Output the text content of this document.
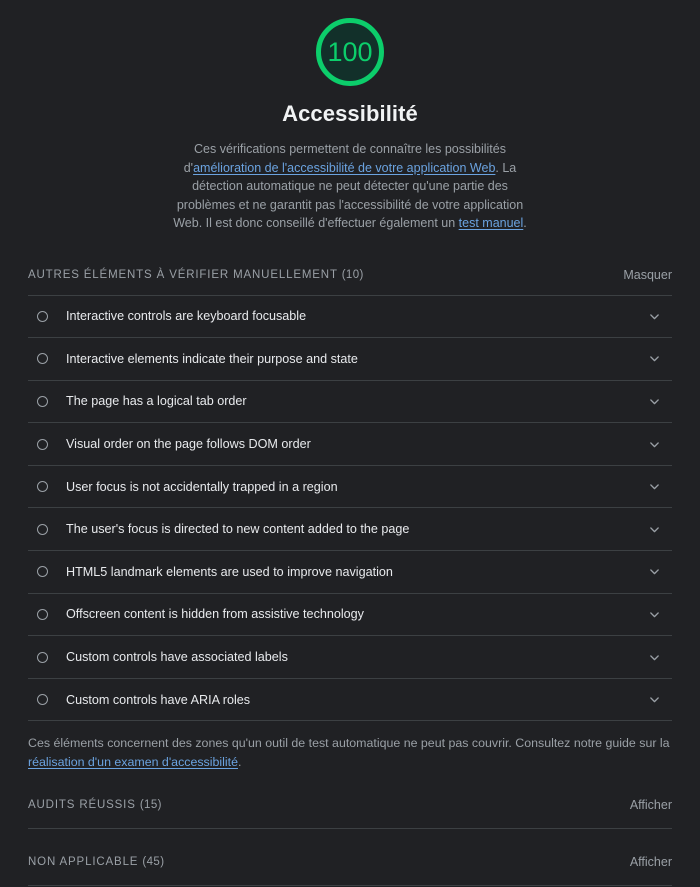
100
Accessibilité

Ces vérifications permettent de connaître les possibilités d'amélioration de l'accessibilité de votre application Web. La détection automatique ne peut détecter qu'une partie des problèmes et ne garantit pas l'accessibilité de votre application Web. Il est donc conseillé d'effectuer également un test manuel.

AUTRES ÉLÉMENTS À VÉRIFIER MANUELLEMENT (10)	Masquer
Interactive controls are keyboard focusable
Interactive elements indicate their purpose and state
The page has a logical tab order
Visual order on the page follows DOM order
User focus is not accidentally trapped in a region
The user's focus is directed to new content added to the page
HTML5 landmark elements are used to improve navigation
Offscreen content is hidden from assistive technology
Custom controls have associated labels
Custom controls have ARIA roles

Ces éléments concernent des zones qu'un outil de test automatique ne peut pas couvrir. Consultez notre guide sur la réalisation d'un examen d'accessibilité.

AUDITS RÉUSSIS (15)	Afficher
NON APPLICABLE (45)	Afficher
